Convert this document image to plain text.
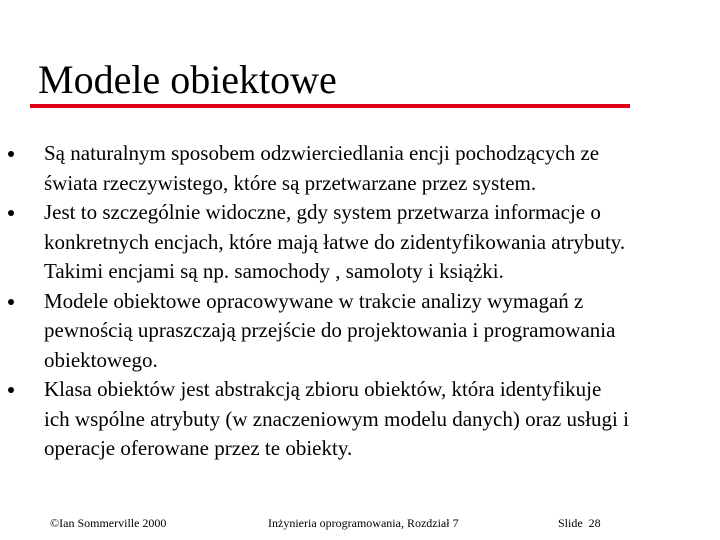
Modele obiektowe
Są naturalnym sposobem odzwierciedlania encji pochodzących ze
świata rzeczywistego, które są przetwarzane przez system.
Jest to szczególnie widoczne, gdy system przetwarza informacje o
konkretnych encjach, które mają łatwe do zidentyfikowania atrybuty.
Takimi encjami są np. samochody , samoloty i książki.
Modele obiektowe opracowywane w trakcie analizy wymagań z
pewnością upraszczają przejście do projektowania i programowania
obiektowego.
Klasa obiektów jest abstrakcją zbioru obiektów, która identyfikuje
ich wspólne atrybuty (w znaczeniowym modelu danych) oraz usługi i
operacje oferowane przez te obiekty.
©Ian Sommerville 2000	Inżynieria oprogramowania, Rozdział 7	Slide  28
